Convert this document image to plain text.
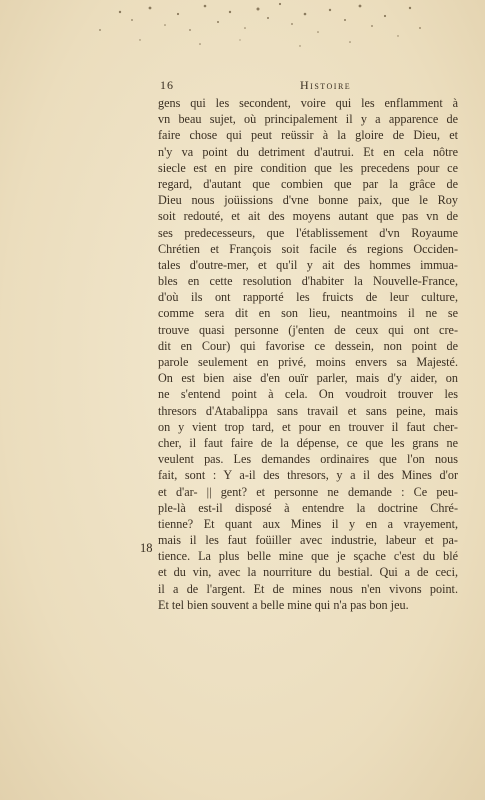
16	Histoire
18
gens qui les secondent, voire qui les enflamment à
vn beau sujet, où principalement il y a apparence de
faire chose qui peut reüssir à la gloire de Dieu, et
n'y va point du detriment d'autrui. Et en cela nôtre
siecle est en pire condition que les precedens pour ce
regard, d'autant que combien que par la grâce de
Dieu nous joüissions d'vne bonne paix, que le Roy
soit redouté, et ait des moyens autant que pas vn de
ses predecesseurs, que l'établissement d'vn Royaume
Chrétien et François soit facile és regions Occiden-
tales d'outre-mer, et qu'il y ait des hommes immua-
bles en cette resolution d'habiter la Nouvelle-France,
d'où ils ont rapporté les fruicts de leur culture,
comme sera dit en son lieu, neantmoins il ne se
trouve quasi personne (j'enten de ceux qui ont cre-
dit en Cour) qui favorise ce dessein, non point de
parole seulement en privé, moins envers sa Majesté.
On est bien aise d'en ouïr parler, mais d'y aider, on
ne s'entend point à cela. On voudroit trouver les
thresors d'Atabalippa sans travail et sans peine, mais
on y vient trop tard, et pour en trouver il faut cher-
cher, il faut faire de la dépense, ce que les grans ne
veulent pas. Les demandes ordinaires que l'on nous
fait, sont : Y a-il des thresors, y a il des Mines d'or
et d'ar- || gent? et personne ne demande : Ce peu-
ple-là est-il disposé à entendre la doctrine Chré-
tienne? Et quant aux Mines il y en a vrayement,
mais il les faut foüiller avec industrie, labeur et pa-
tience. La plus belle mine que je sçache c'est du blé
et du vin, avec la nourriture du bestial. Qui a de ceci,
il a de l'argent. Et de mines nous n'en vivons point.
Et tel bien souvent a belle mine qui n'a pas bon jeu.
